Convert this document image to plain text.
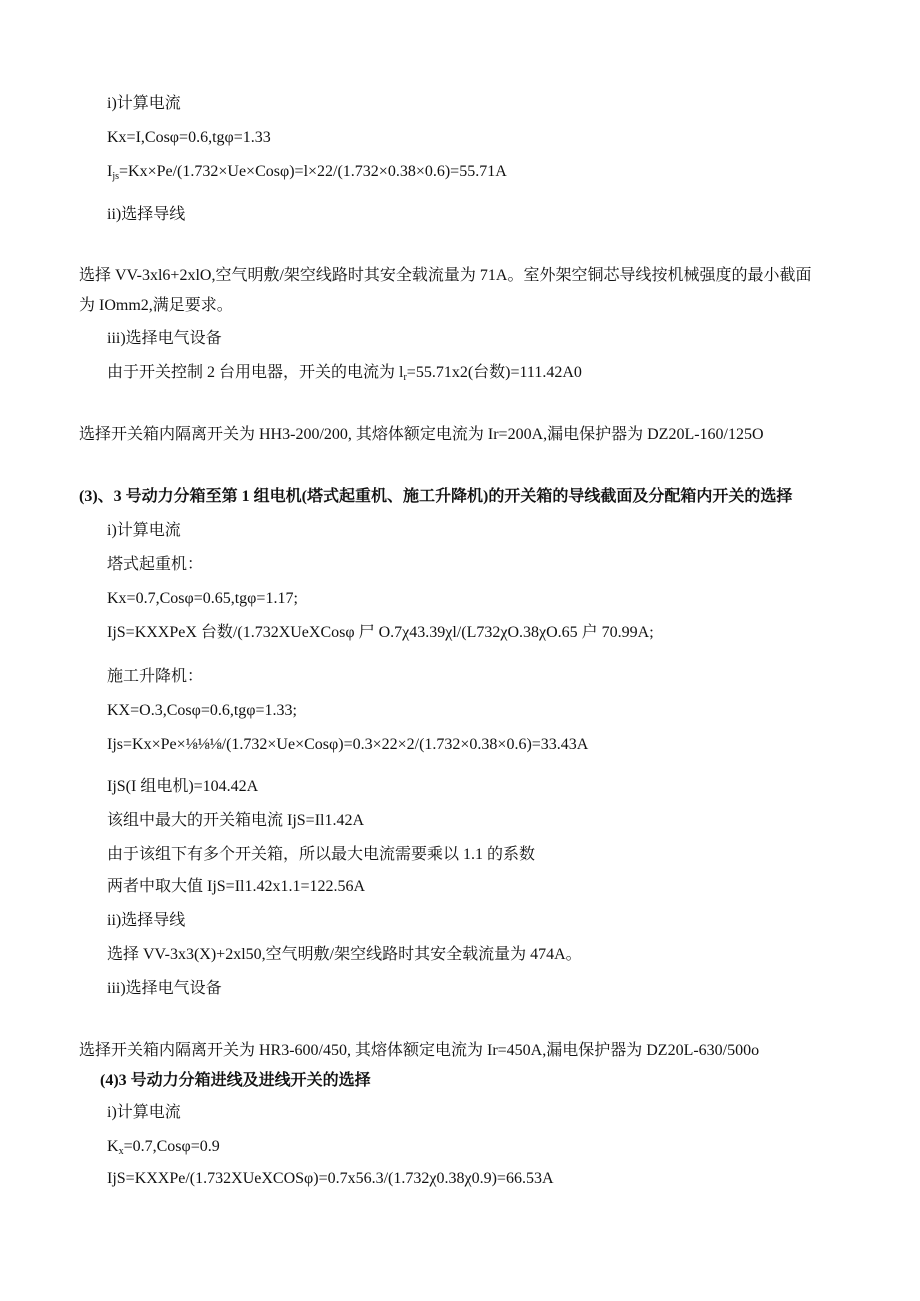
i)计算电流

Kx=I,Cosφ=0.6,tgφ=1.33

$I_{js}=Kx\times Pe/(1.732\times Ue\times Cos\varphi)=l\times 22/(1.732\times 0.38\times 0.6)=55.71A$

ii)选择导线

选择 VV-3xl6+2xlO,空气明敷/架空线路时其安全载流量为 71A。室外架空铜芯导线按机械强度的最小截面

为 IOmm2,满足要求。

iii)选择电气设备

由于开关控制 2 台用电器，开关的电流为 $l_r=55.71x2$(台数)=111.42A0

选择开关箱内隔离开关为 HH3-200/200, 其熔体额定电流为 Ir=200A,漏电保护器为 DZ20L-160/125O

(3)、3 号动力分箱至第 1 组电机(塔式起重机、施工升降机)的开关箱的导线截面及分配箱内开关的选择

i)计算电流

塔式起重机：

Kx=0.7,Cosφ=0.65,tgφ=1.17;

IjS=KXXPeX 台数/(1.732XUeXCosφ 尸 O.7χ43.39χl/(L732χO.38χO.65 户 70.99A;

施工升降机：

KX=O.3,Cosφ=0.6,tgφ=1.33;

Ijs=Kx×Pe×⅛⅛⅛/(1.732×Ue×Cosφ)=0.3×22×2/(1.732×0.38×0.6)=33.43A

IjS(I 组电机)=104.42A

该组中最大的开关箱电流 IjS=Il1.42A

由于该组下有多个开关箱，所以最大电流需要乘以 1.1 的系数

两者中取大值 IjS=Il1.42x1.1=122.56A

ii)选择导线

选择 VV-3x3(X)+2xl50,空气明敷/架空线路时其安全载流量为 474A。

iii)选择电气设备

选择开关箱内隔离开关为 HR3-600/450, 其熔体额定电流为 Ir=450A,漏电保护器为 DZ20L-630/500o

(4)3 号动力分箱进线及进线开关的选择

i)计算电流

$K_x=0.7,Cos\varphi=0.9$

IjS=KXXPe/(1.732XUeXCOSφ)=0.7x56.3/(1.732χ0.38χ0.9)=66.53A
